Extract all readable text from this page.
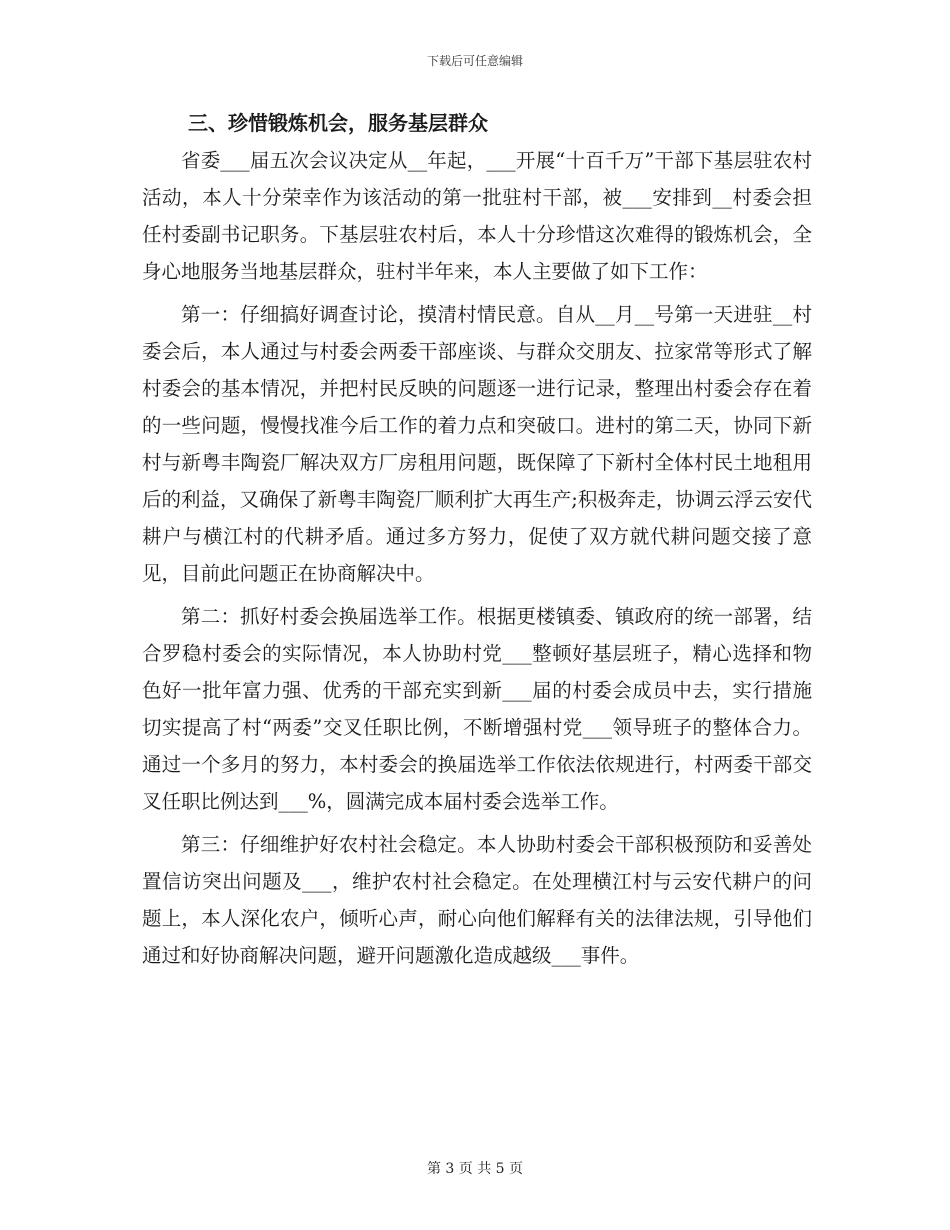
下载后可任意编辑
三、珍惜锻炼机会，服务基层群众

省委___届五次会议决定从__年起，___开展“十百千万”干部下基层驻农村活动，本人十分荣幸作为该活动的第一批驻村干部，被___安排到__村委会担任村委副书记职务。下基层驻农村后，本人十分珍惜这次难得的锻炼机会，全身心地服务当地基层群众，驻村半年来，本人主要做了如下工作：

第一：仔细搞好调查讨论，摸清村情民意。自从__月__号第一天进驻__村委会后，本人通过与村委会两委干部座谈、与群众交朋友、拉家常等形式了解村委会的基本情况，并把村民反映的问题逐一进行记录，整理出村委会存在着的一些问题，慢慢找准今后工作的着力点和突破口。进村的第二天，协同下新村与新粤丰陶瓷厂解决双方厂房租用问题，既保障了下新村全体村民土地租用后的利益，又确保了新粤丰陶瓷厂顺利扩大再生产;积极奔走，协调云浮云安代耕户与横江村的代耕矛盾。通过多方努力，促使了双方就代耕问题交接了意见，目前此问题正在协商解决中。

第二：抓好村委会换届选举工作。根据更楼镇委、镇政府的统一部署，结合罗稳村委会的实际情况，本人协助村党___整顿好基层班子，精心选择和物色好一批年富力强、优秀的干部充实到新___届的村委会成员中去，实行措施切实提高了村“两委”交叉任职比例，不断增强村党___领导班子的整体合力。通过一个多月的努力，本村委会的换届选举工作依法依规进行，村两委干部交叉任职比例达到___%，圆满完成本届村委会选举工作。

第三：仔细维护好农村社会稳定。本人协助村委会干部积极预防和妥善处置信访突出问题及___，维护农村社会稳定。在处理横江村与云安代耕户的问题上，本人深化农户，倾听心声，耐心向他们解释有关的法律法规，引导他们通过和好协商解决问题，避开问题激化造成越级___事件。

第 3 页 共 5 页
